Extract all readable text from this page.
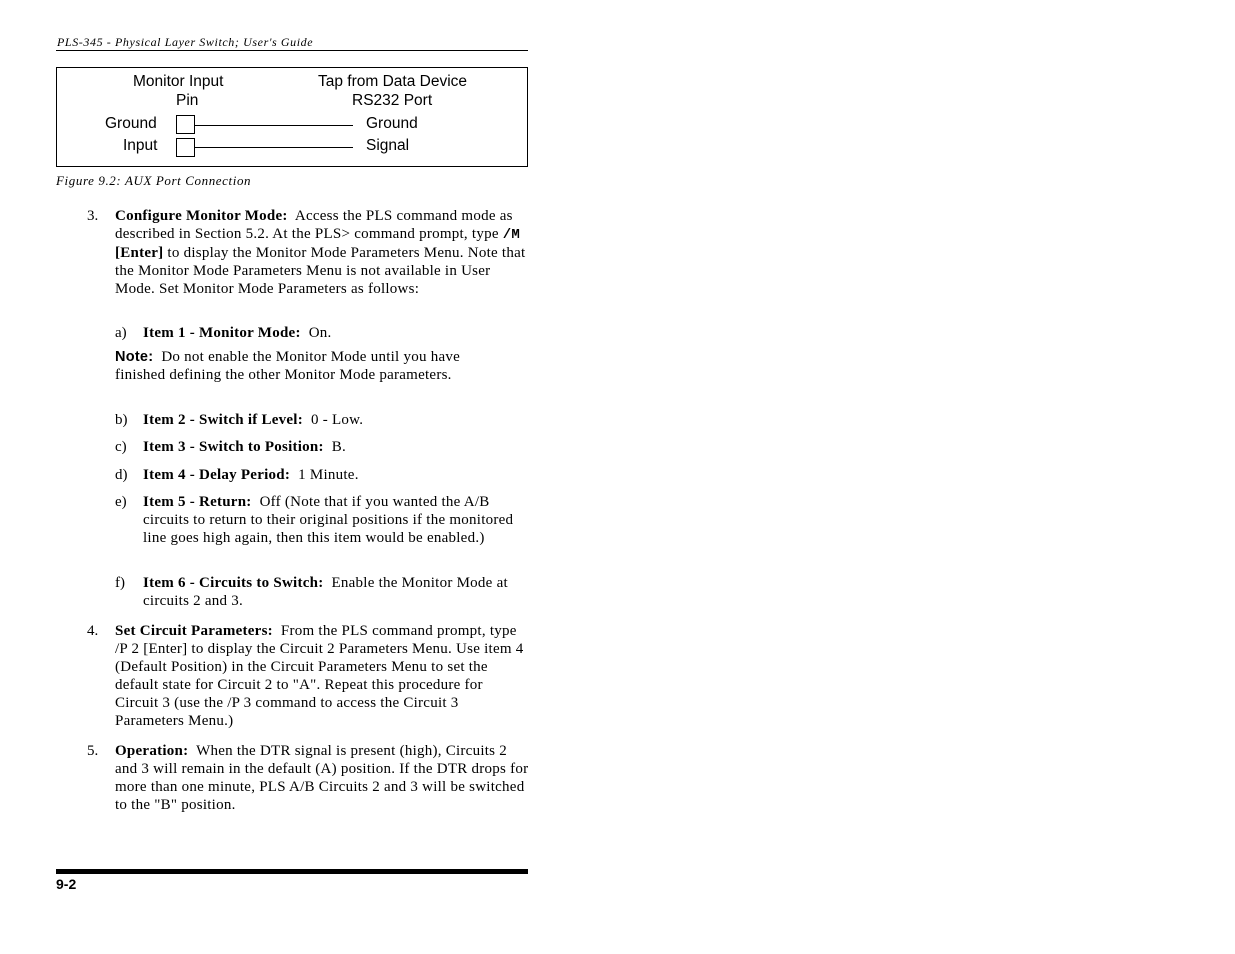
PLS-345 - Physical Layer Switch; User's Guide
Monitor Input
Pin
Tap from Data Device
RS232 Port
Ground	Ground
Input	Signal
Figure 9.2: AUX Port Connection
3. Configure Monitor Mode: Access the PLS command mode as described in Section 5.2. At the PLS> command prompt, type /M  [Enter] to display the Monitor Mode Parameters Menu. Note that the Monitor Mode Parameters Menu is not available in User Mode. Set Monitor Mode Parameters as follows:

a) Item 1 - Monitor Mode: On.

Note: Do not enable the Monitor Mode until you have finished defining the other Monitor Mode parameters.

b) Item 2 - Switch if Level: 0 - Low.

c) Item 3 - Switch to Position: B.

d) Item 4 - Delay Period: 1 Minute.

e) Item 5 - Return: Off (Note that if you wanted the A/B circuits to return to their original positions if the monitored line goes high again, then this item would be enabled.)

f) Item 6 - Circuits to Switch: Enable the Monitor Mode at circuits 2 and 3.

4. Set Circuit Parameters: From the PLS command prompt, type /P 2 [Enter] to display the Circuit 2 Parameters Menu. Use item 4 (Default Position) in the Circuit Parameters Menu to set the default state for Circuit 2 to "A". Repeat this procedure for Circuit 3 (use the /P 3 command to access the Circuit 3 Parameters Menu.)

5. Operation: When the DTR signal is present (high), Circuits 2 and 3 will remain in the default (A) position. If the DTR drops for more than one minute, PLS A/B Circuits 2 and 3 will be switched to the "B" position.

9-2
